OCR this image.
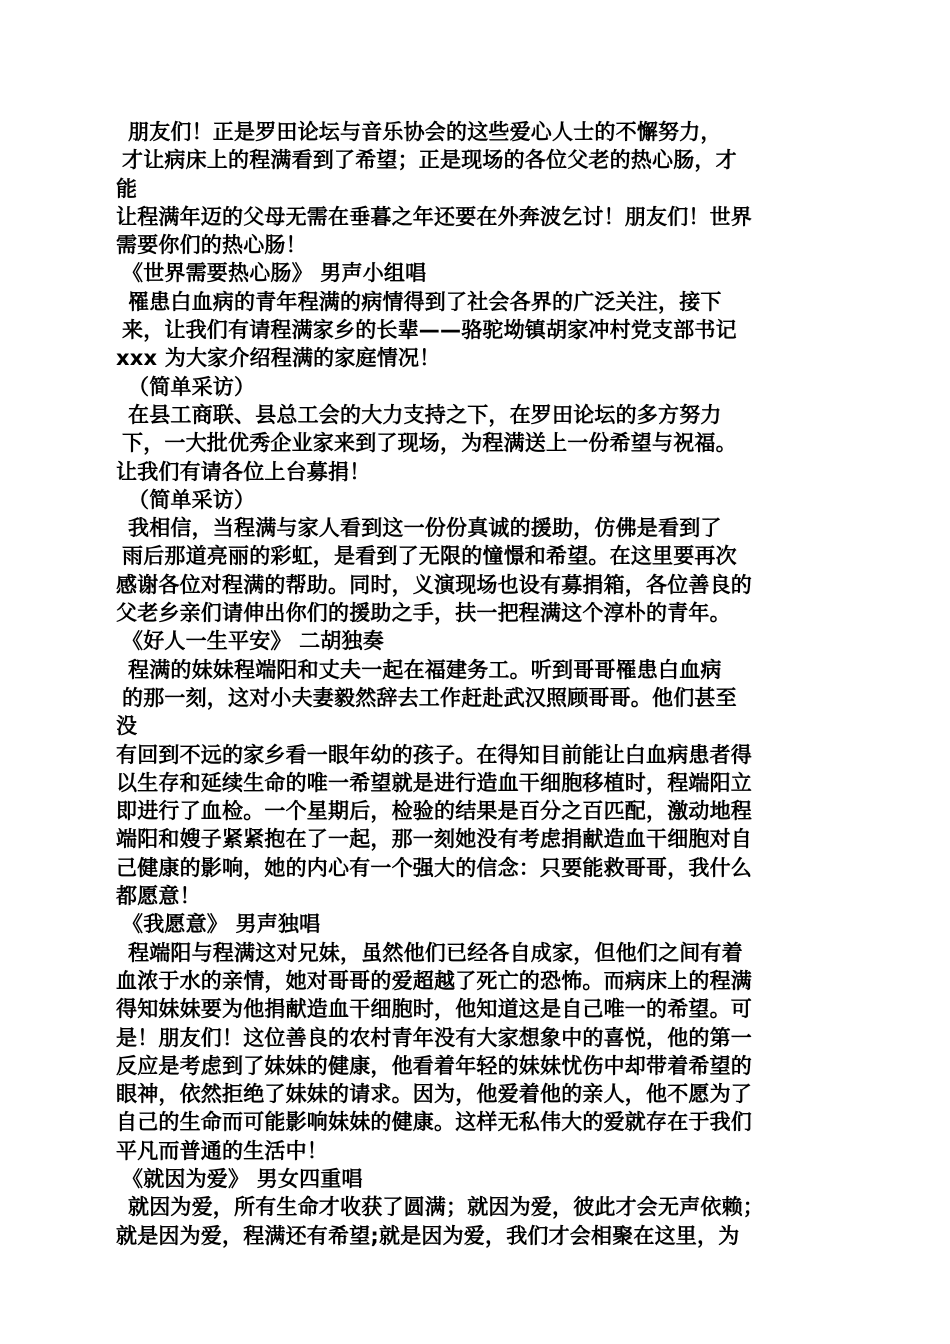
朋友们！正是罗田论坛与音乐协会的这些爱心人士的不懈努力，
才让病床上的程满看到了希望；正是现场的各位父老的热心肠，才
能
让程满年迈的父母无需在垂暮之年还要在外奔波乞讨！朋友们！世界
需要你们的热心肠！
《世界需要热心肠》 男声小组唱
罹患白血病的青年程满的病情得到了社会各界的广泛关注，接下
来，让我们有请程满家乡的长辈——骆驼坳镇胡家冲村党支部书记
xxx 为大家介绍程满的家庭情况！
（简单采访）
在县工商联、县总工会的大力支持之下，在罗田论坛的多方努力
下，一大批优秀企业家来到了现场，为程满送上一份希望与祝福。
让我们有请各位上台募捐！
（简单采访）
我相信，当程满与家人看到这一份份真诚的援助，仿佛是看到了
雨后那道亮丽的彩虹，是看到了无限的憧憬和希望。在这里要再次
感谢各位对程满的帮助。同时，义演现场也设有募捐箱，各位善良的
父老乡亲们请伸出你们的援助之手，扶一把程满这个淳朴的青年。
《好人一生平安》 二胡独奏
程满的妹妹程端阳和丈夫一起在福建务工。听到哥哥罹患白血病
的那一刻，这对小夫妻毅然辞去工作赶赴武汉照顾哥哥。他们甚至
没
有回到不远的家乡看一眼年幼的孩子。在得知目前能让白血病患者得
以生存和延续生命的唯一希望就是进行造血干细胞移植时，程端阳立
即进行了血检。一个星期后，检验的结果是百分之百匹配，激动地程
端阳和嫂子紧紧抱在了一起，那一刻她没有考虑捐献造血干细胞对自
己健康的影响，她的内心有一个强大的信念：只要能救哥哥，我什么
都愿意！
《我愿意》 男声独唱
程端阳与程满这对兄妹，虽然他们已经各自成家，但他们之间有着
血浓于水的亲情，她对哥哥的爱超越了死亡的恐怖。而病床上的程满
得知妹妹要为他捐献造血干细胞时，他知道这是自己唯一的希望。可
是！朋友们！这位善良的农村青年没有大家想象中的喜悦，他的第一
反应是考虑到了妹妹的健康，他看着年轻的妹妹忧伤中却带着希望的
眼神，依然拒绝了妹妹的请求。因为，他爱着他的亲人，他不愿为了
自己的生命而可能影响妹妹的健康。这样无私伟大的爱就存在于我们
平凡而普通的生活中！
《就因为爱》 男女四重唱
就因为爱，所有生命才收获了圆满；就因为爱，彼此才会无声依赖；
就是因为爱，程满还有希望;就是因为爱，我们才会相聚在这里，为
